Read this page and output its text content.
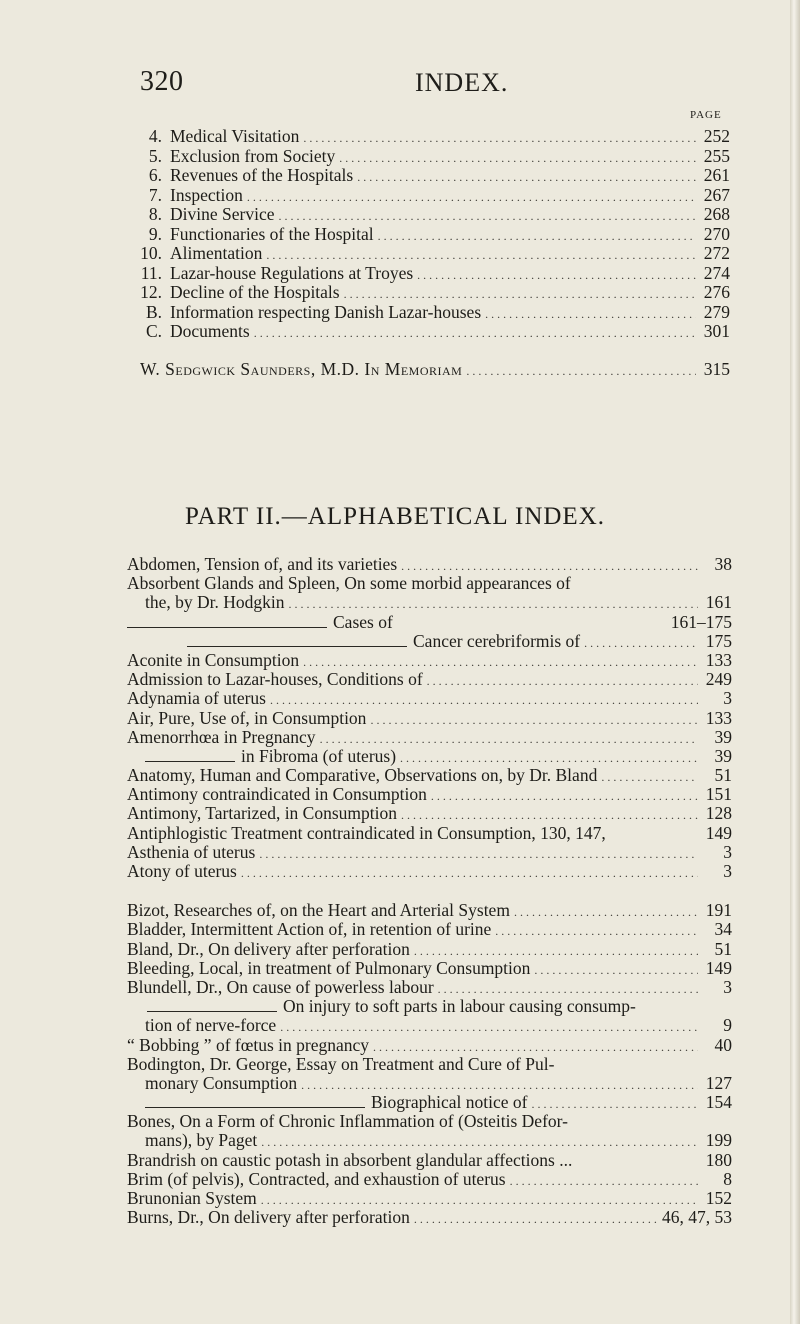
320	INDEX.
PAGE
4. Medical Visitation .....	252
5. Exclusion from Society .....	255
6. Revenues of the Hospitals .....	261
7. Inspection .....	267
8. Divine Service .....	268
9. Functionaries of the Hospital .....	270
10. Alimentation .....	272
11. Lazar-house Regulations at Troyes .....	274
12. Decline of the Hospitals .....	276
B. Information respecting Danish Lazar-houses .....	279
C. Documents .....	301
W. Sedgwick Saunders, M.D. In Memoriam .....	315
PART II.—ALPHABETICAL INDEX.
Abdomen, Tension of, and its varieties .....	38
Absorbent Glands and Spleen, On some morbid appearances of
the, by Dr. Hodgkin .....	161
Cases of	161–175
Cancer cerebriformis of .....	175
Aconite in Consumption .....	133
Admission to Lazar-houses, Conditions of .....	249
Adynamia of uterus .....	3
Air, Pure, Use of, in Consumption .....	133
Amenorrhœa in Pregnancy .....	39
in Fibroma (of uterus) .....	39
Anatomy, Human and Comparative, Observations on, by Dr. Bland .....	51
Antimony contraindicated in Consumption .....	151
Antimony, Tartarized, in Consumption .....	128
Antiphlogistic Treatment contraindicated in Consumption, 130, 147,	149
Asthenia of uterus .....	3
Atony of uterus .....	3
Bizot, Researches of, on the Heart and Arterial System .....	191
Bladder, Intermittent Action of, in retention of urine .....	34
Bland, Dr., On delivery after perforation .....	51
Bleeding, Local, in treatment of Pulmonary Consumption .....	149
Blundell, Dr., On cause of powerless labour .....	3
On injury to soft parts in labour causing consump-
tion of nerve-force .....	9
“ Bobbing ” of fœtus in pregnancy .....	40
Bodington, Dr. George, Essay on Treatment and Cure of Pul-
monary Consumption .....	127
Biographical notice of .....	154
Bones, On a Form of Chronic Inflammation of (Osteitis Defor-
mans), by Paget .....	199
Brandrish on caustic potash in absorbent glandular affections ...	180
Brim (of pelvis), Contracted, and exhaustion of uterus .....	8
Brunonian System .....	152
Burns, Dr., On delivery after perforation .....	46, 47, 53
